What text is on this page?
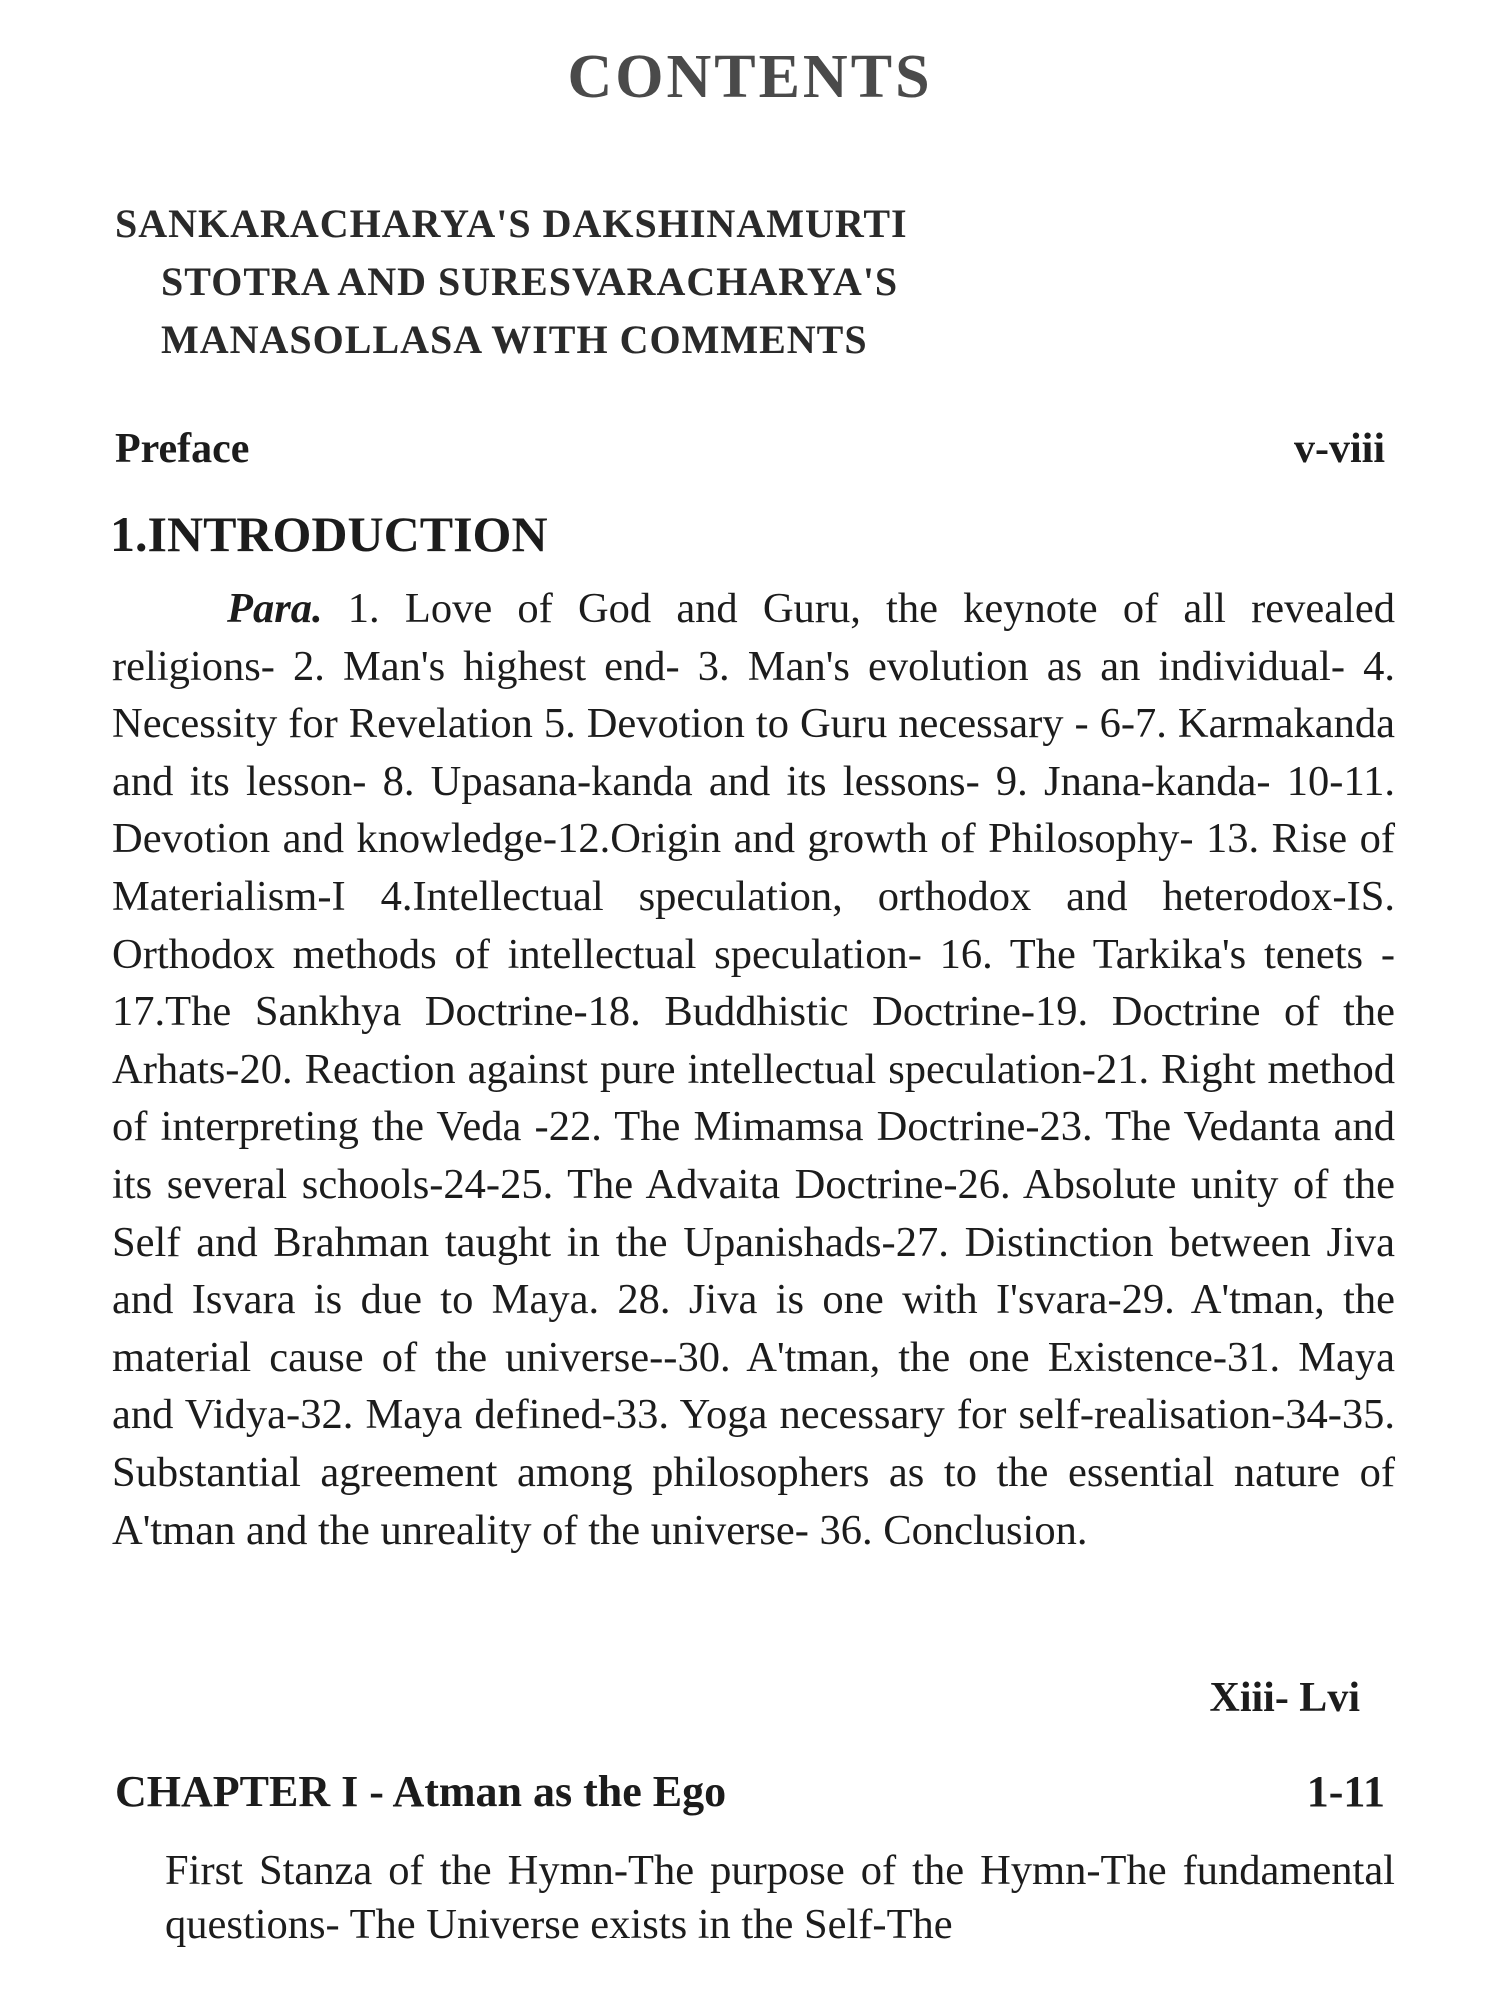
CONTENTS
SANKARACHARYA'S DAKSHINAMURTI
STOTRA AND SURESVARACHARYA'S
MANASOLLASA WITH COMMENTS
Preface	v-viii
1.INTRODUCTION

Para. 1. Love of God and Guru, the keynote of all revealed religions- 2. Man's highest end- 3. Man's evolution as an individual- 4. Necessity for Revelation 5. Devotion to Guru necessary - 6-7. Karmakanda and its lesson- 8. Upasana-kanda and its lessons- 9. Jnana-kanda- 10-11. Devotion and knowledge-12.Origin and growth of Philosophy- 13. Rise of Materialism-I 4.Intellectual speculation, orthodox and heterodox-IS. Orthodox methods of intellectual speculation- 16. The Tarkika's tenets - 17.The Sankhya Doctrine-18. Buddhistic Doctrine-19. Doctrine of the Arhats-20. Reaction against pure intellectual speculation-21. Right method of interpreting the Veda -22. The Mimamsa Doctrine-23. The Vedanta and its several schools-24-25. The Advaita Doctrine-26. Absolute unity of the Self and Brahman taught in the Upanishads-27. Distinction between Jiva and Isvara is due to Maya. 28. Jiva is one with I'svara-29. A'tman, the material cause of the universe--30. A'tman, the one Existence-31. Maya and Vidya-32. Maya defined-33. Yoga necessary for self-realisation-34-35. Substantial agreement among philosophers as to the essential nature of A'tman and the unreality of the universe- 36. Conclusion.

Xiii- Lvi
CHAPTER I - Atman as the Ego	1-11

First Stanza of the Hymn-The purpose of the Hymn-The fundamental questions- The Universe exists in the Self-The
